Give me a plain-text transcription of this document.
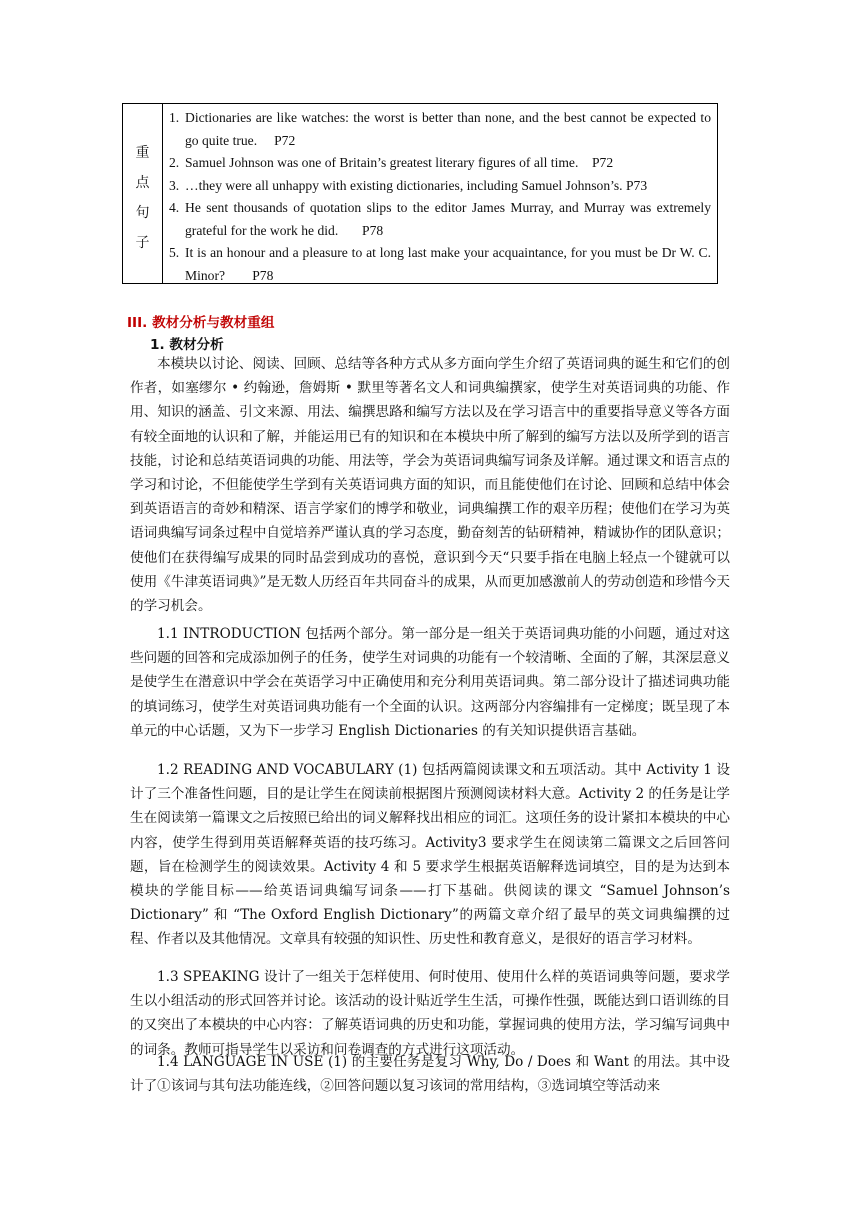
重
点
句
子
1. Dictionaries are like watches: the worst is better than none, and the best cannot be expected to go quite true.     P72
2. Samuel Johnson was one of Britain’s greatest literary figures of all time.    P72
3. …they were all unhappy with existing dictionaries, including Samuel Johnson’s. P73
4. He sent thousands of quotation slips to the editor James Murray, and Murray was extremely grateful for the work he did.       P78
5. It is an honour and a pleasure to at long last make your acquaintance, for you must be Dr W. C. Minor?        P78
III. 教材分析与教材重组
1. 教材分析

本模块以讨论、阅读、回顾、总结等各种方式从多方面向学生介绍了英语词典的诞生和它们的创作者，如塞缪尔 • 约翰逊，詹姆斯 • 默里等著名文人和词典编撰家，使学生对英语词典的功能、作用、知识的涵盖、引文来源、用法、编撰思路和编写方法以及在学习语言中的重要指导意义等各方面有较全面地的认识和了解，并能运用已有的知识和在本模块中所了解到的编写方法以及所学到的语言技能，讨论和总结英语词典的功能、用法等，学会为英语词典编写词条及详解。通过课文和语言点的学习和讨论，不但能使学生学到有关英语词典方面的知识，而且能使他们在讨论、回顾和总结中体会到英语语言的奇妙和精深、语言学家们的博学和敬业，词典编撰工作的艰辛历程；使他们在学习为英语词典编写词条过程中自觉培养严谨认真的学习态度，勤奋刻苦的钻研精神，精诚协作的团队意识；使他们在获得编写成果的同时品尝到成功的喜悦，意识到今天“只要手指在电脑上轻点一个键就可以使用《牛津英语词典》”是无数人历经百年共同奋斗的成果，从而更加感激前人的劳动创造和珍惜今天的学习机会。

1.1 INTRODUCTION 包括两个部分。第一部分是一组关于英语词典功能的小问题，通过对这些问题的回答和完成添加例子的任务，使学生对词典的功能有一个较清晰、全面的了解，其深层意义是使学生在潜意识中学会在英语学习中正确使用和充分利用英语词典。第二部分设计了描述词典功能的填词练习，使学生对英语词典功能有一个全面的认识。这两部分内容编排有一定梯度；既呈现了本单元的中心话题，又为下一步学习 English Dictionaries 的有关知识提供语言基础。

1.2 READING AND VOCABULARY (1) 包括两篇阅读课文和五项活动。其中 Activity 1 设计了三个准备性问题，目的是让学生在阅读前根据图片预测阅读材料大意。Activity 2 的任务是让学生在阅读第一篇课文之后按照已给出的词义解释找出相应的词汇。这项任务的设计紧扣本模块的中心内容，使学生得到用英语解释英语的技巧练习。Activity3 要求学生在阅读第二篇课文之后回答问题，旨在检测学生的阅读效果。Activity 4 和 5 要求学生根据英语解释选词填空，目的是为达到本模块的学能目标——给英语词典编写词条——打下基础。供阅读的课文 “Samuel Johnson’s Dictionary” 和 “The Oxford English Dictionary”的两篇文章介绍了最早的英文词典编撰的过程、作者以及其他情况。文章具有较强的知识性、历史性和教育意义，是很好的语言学习材料。

1.3 SPEAKING 设计了一组关于怎样使用、何时使用、使用什么样的英语词典等问题，要求学生以小组活动的形式回答并讨论。该活动的设计贴近学生生活，可操作性强，既能达到口语训练的目的又突出了本模块的中心内容：了解英语词典的历史和功能，掌握词典的使用方法，学习编写词典中的词条。教师可指导学生以采访和问卷调查的方式进行这项活动。

1.4 LANGUAGE IN USE (1) 的主要任务是复习 Why, Do / Does 和 Want 的用法。其中设计了①该词与其句法功能连线，②回答问题以复习该词的常用结构，③选词填空等活动来
